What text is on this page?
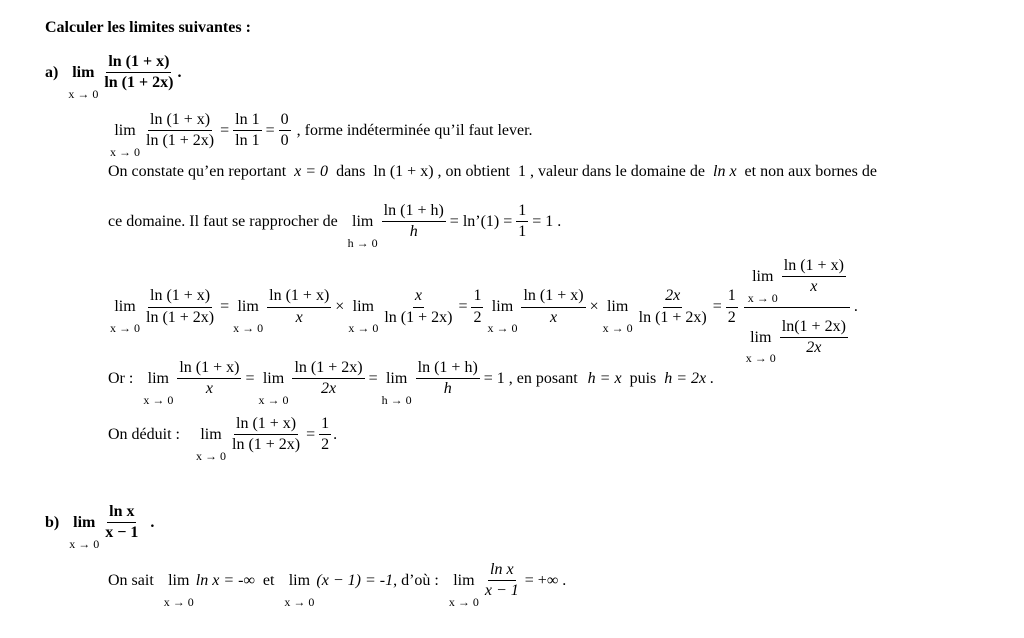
Calculer les limites suivantes :
a) lim
x → 0
ln (1 + x)
ln (1 + 2x)
.
lim
x → 0
$\frac{\ln (1 + x)}{\ln (1 + 2x)} = \frac{\ln 1}{\ln 1} = \frac{0}{0}$ , forme indéterminée qu’il faut lever.
On constate qu’en reportant x = 0 dans ln (1 + x) , on obtient 1 , valeur dans le domaine de ln x et non aux bornes de
ce domaine. Il faut se rapprocher de lim
h → 0
$\frac{\ln (1 + h)}{h}$ = ln’(1) = $\frac{1}{1} = 1$ .
lim
x → 0
$\frac{\ln (1 + x)}{\ln (1 + 2x)} = \lim$
x → 0
$\frac{\ln (1 + x)}{x} \times \lim$
x → 0
$\frac{x}{\ln (1 + 2x)} = \frac{1}{2}$ lim
x → 0
$\frac{\ln (1 + x)}{x} \times \lim$
x → 0
$\frac{2x}{\ln (1 + 2x)} = \frac{1}{2}$
lim
x → 0
ln (1 + x)
x
lim
x → 0
ln(1 + 2x)
2x
.
Or : lim
x → 0
$\frac{\ln (1 + x)}{x} = \lim$
x → 0
$\frac{\ln (1 + 2x)}{2x} = \lim$
h → 0
$\frac{\ln (1 + h)}{h} = 1$ , en posant h = x puis h = 2x .
On déduit : lim
x → 0
$\frac{\ln (1 + x)}{\ln (1 + 2x)} = \frac{1}{2}$ .
b) lim
x → 0
ln x
x − 1
.
On sait lim
x → 0
ln x = -∞ et lim
x → 0
(x − 1) = -1 , d’où : lim
x → 0
$\frac{\text{ln x}}{x - 1}$ = +∞ .
